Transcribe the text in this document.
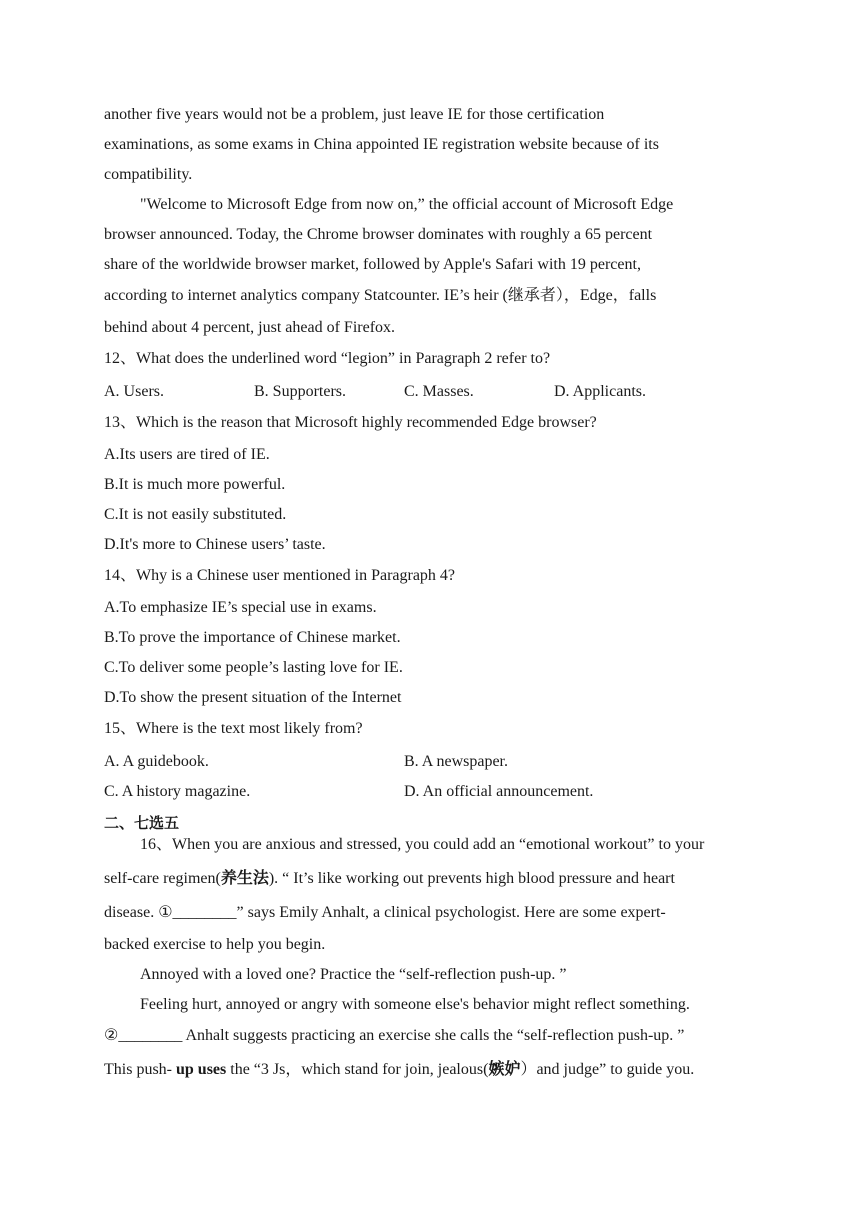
another five years would not be a problem, just leave IE for those certification
examinations, as some exams in China appointed IE registration website because of its
compatibility.
"Welcome to Microsoft Edge from now on,” the official account of Microsoft Edge
browser announced. Today, the Chrome browser dominates with roughly a 65 percent
share of the worldwide browser market, followed by Apple's Safari with 19 percent,
according to internet analytics company Statcounter. IE’s heir (继承者），Edge，falls
behind about 4 percent, just ahead of Firefox.
12、What does the underlined word “legion” in Paragraph 2 refer to?
A. Users.	B. Supporters.	C. Masses.	D. Applicants.
13、Which is the reason that Microsoft highly recommended Edge browser?
A.Its users are tired of IE.
B.It is much more powerful.
C.It is not easily substituted.
D.It's more to Chinese users’ taste.
14、Why is a Chinese user mentioned in Paragraph 4?
A.To emphasize IE’s special use in exams.
B.To prove the importance of Chinese market.
C.To deliver some people’s lasting love for IE.
D.To show the present situation of the Internet
15、Where is the text most likely from?
A. A guidebook.	B. A newspaper.
C. A history magazine.	D. An official announcement.
二、七选五
16、When you are anxious and stressed, you could add an “emotional workout” to your
self-care regimen(养生法). “ It’s like working out prevents high blood pressure and heart
disease. ①________” says Emily Anhalt, a clinical psychologist. Here are some expert-
backed exercise to help you begin.
Annoyed with a loved one? Practice the “self-reflection push-up. ”
Feeling hurt, annoyed or angry with someone else's behavior might reflect something.
②________ Anhalt suggests practicing an exercise she calls the “self-reflection push-up. ”
This push- up uses the “3 Js，which stand for join, jealous(嫉妒）and judge” to guide you.
